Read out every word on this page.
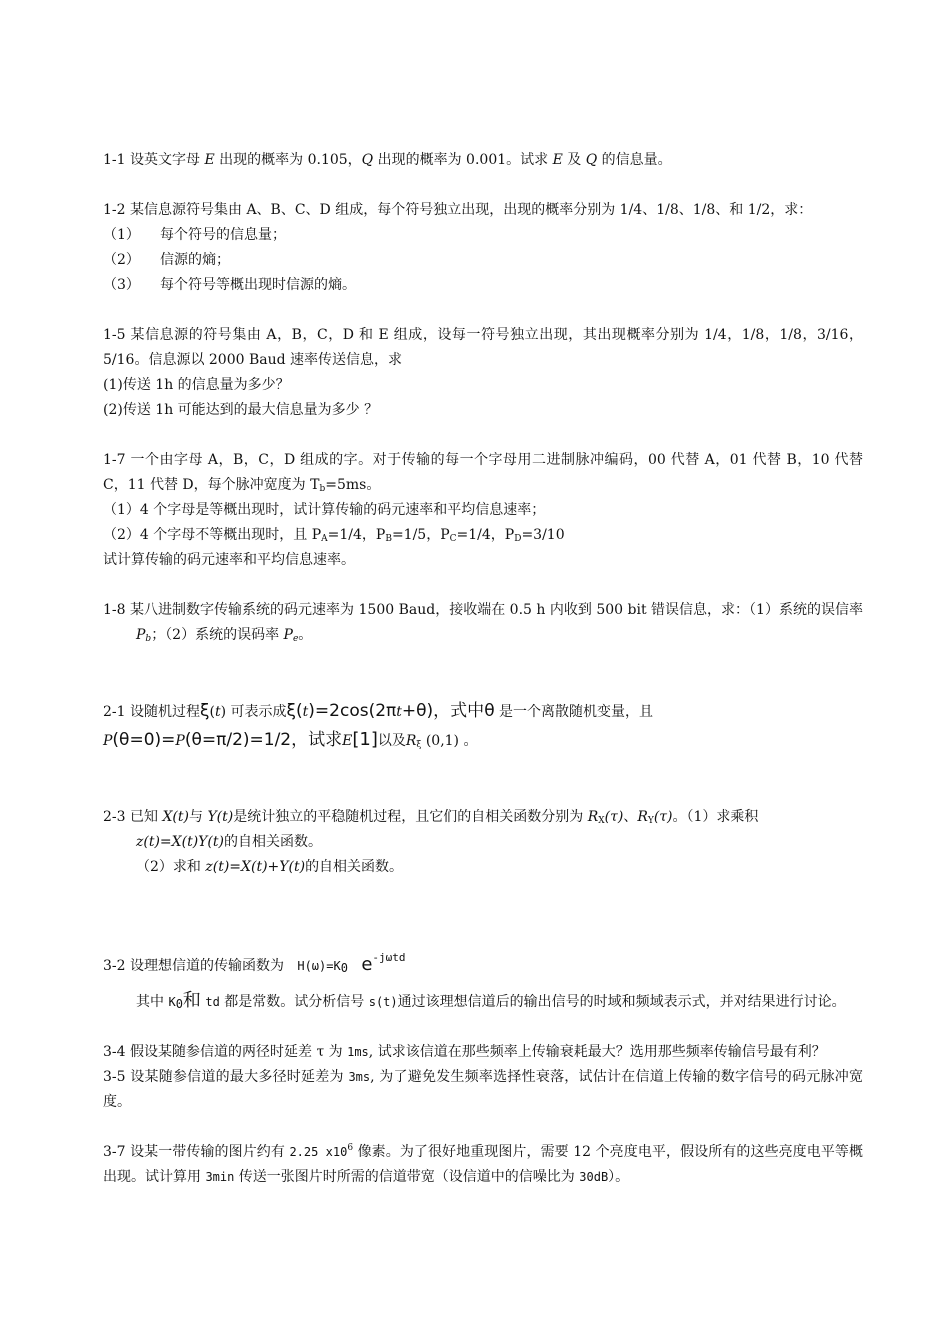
1-1 设英文字母 E 出现的概率为 0.105，Q 出现的概率为 0.001。试求 E 及 Q 的信息量。

1-2 某信息源符号集由 A、B、C、D 组成，每个符号独立出现，出现的概率分别为 1/4、1/8、1/8、和 1/2，求：

（1）	每个符号的信息量；

（2）	信源的熵；

（3）	每个符号等概出现时信源的熵。

1-5 某信息源的符号集由 A，B，C，D 和 E 组成，设每一符号独立出现，其出现概率分别为 1/4，1/8，1/8，3/16，5/16。信息源以 2000 Baud 速率传送信息，求

(1)传送 1h 的信息量为多少？

(2)传送 1h 可能达到的最大信息量为多少 ？

1-7 一个由字母 A，B，C，D 组成的字。对于传输的每一个字母用二进制脉冲编码，00 代替 A，01 代替 B，10 代替 C，11 代替 D，每个脉冲宽度为 $T_b=5ms$。

（1）4 个字母是等概出现时，试计算传输的码元速率和平均信息速率；

（2）4 个字母不等概出现时，且 $P_A=1/4$，$P_B=1/5$，$P_C=1/4$，$P_D=3/10$

试计算传输的码元速率和平均信息速率。

1-8 某八进制数字传输系统的码元速率为 1500 Baud，接收端在 0.5 h 内收到 500 bit 错误信息，求：（1）系统的误信率 $P_b$；（2）系统的误码率 $P_e$。

2-1 设随机过程ξ(t) 可表示成ξ(t)=2cos(2πt+θ)，式中θ 是一个离散随机变量，且

P(θ=0)=P(θ=π/2)=1/2，试求E[1]以及$R_\xi$ (0,1) 。

2-3 已知 X(t)与 Y(t)是统计独立的平稳随机过程，且它们的自相关函数分别为 $R_X(\tau)$、$R_Y(\tau)$。（1）求乘积
z(t)=X(t)Y(t)的自相关函数。

（2）求和 z(t)=X(t)+Y(t)的自相关函数。

3-2 设理想信道的传输函数为   $H(\omega)=K_0$ $e^{-j\omega td}$

其中 $K_0$和 td 都是常数。试分析信号 s(t)通过该理想信道后的输出信号的时域和频域表示式，并对结果进行讨论。

3-4 假设某随参信道的两径时延差 τ 为 1ms, 试求该信道在那些频率上传输衰耗最大？选用那些频率传输信号最有利？

3-5 设某随参信道的最大多径时延差为 3ms, 为了避免发生频率选择性衰落，试估计在信道上传输的数字信号的码元脉冲宽度。

3-7 设某一带传输的图片约有 2.25 $x10^6$ 像素。为了很好地重现图片，需要 12 个亮度电平，假设所有的这些亮度电平等概出现。试计算用 3min 传送一张图片时所需的信道带宽（设信道中的信噪比为 30dB）。
